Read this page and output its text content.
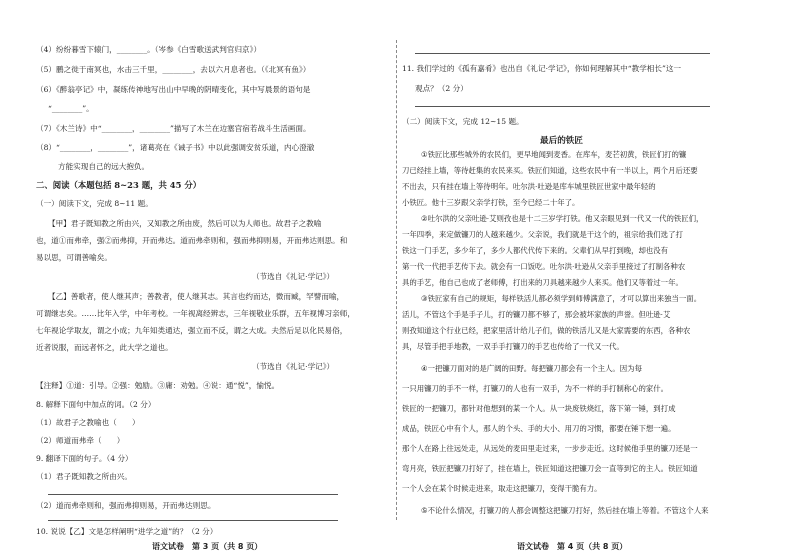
（4）纷纷暮雪下辕门，________。（岑参《白雪歌送武判官归京》）
（5）鹏之徙于南冥也，水击三千里，________，去以六月息者也。（《北冥有鱼》）
（6）《醉翁亭记》中，凝练传神地写出山中早晚的阴晴变化，其中写晨景的语句是
“________”。
（7）《木兰诗》中“________，________”描写了木兰在边塞宫宿若战斗生活画面。
（8）“________，________”，诸葛亮在《诫子书》中以此强调安贫乐道，内心澄澈
方能实现自己的远大抱负。
二、阅读（本题包括 8~23 题，共 45 分）
（一）阅读下文，完成 8~11 题。
【甲】君子既知教之所由兴，又知教之所由废，然后可以为人师也。故君子之教喻
也，道①而弗牵，强②而弗抑，开而弗达。道而弗牵则和，强而弗抑则易，开而弗达则思。和
易以思，可谓善喻矣。
（节选自《礼记·学记》）
【乙】善歌者，使人继其声；善教者，使人继其志。其言也约而达，微而臧，罕譬而喻，
可谓继志矣。……比年入学，中年考校。一年视离经辨志，三年视敬业乐群，五年视博习亲师，
七年视论学取友，谓之小成；九年知类通达，强立而不反，谓之大成。夫然后足以化民易俗，
近者说服，而远者怀之，此大学之道也。
（节选自《礼记·学记》）
【注释】①道：引导。②强：勉励。③庸：劝勉。④说：通“悦”，愉悦。
8. 解释下面句中加点的词。（2 分）
（1）故君子之教喻也（　　）
（2）师道而弗牵（　　）
9. 翻译下面的句子。（4 分）
（1）君子既知教之所由兴。
（2）道而弗牵则和，强而弗抑则易，开而弗达则思。
10. 说说【乙】文是怎样阐明“进学之道”的？（2 分）
语文试卷　第 3 页（共 8 页）
11. 我们学过的《孤有嘉肴》也出自《礼记·学记》，你如何理解其中“教学相长”这一
观点？（2 分）
（二）阅读下文，完成 12~15 题。
最后的铁匠
①铁匠比那些城外的农民们，更早地闻到麦香。在库车，麦芒初黄，铁匠们打的镰
刀已经挂上墙，等待赶集的农民来买。铁匠们知道，这些农民中有一半以上，两个月后还要
不出去，只有挂在墙上等待明年。吐尔洪·吐逊是库车城里铁匠世家中最年轻的
小铁匠。他十三岁跟父亲学打铁，至今已经二十年了。
②吐尔洪的父亲吐逊·艾则孜也是十二三岁学打铁。他又亲眼见到一代又一代的铁匠们，
一年四季，来定做镰刀的人越来越少。父亲说，我们就是干这个的，祖宗给我们选了打
铁这一门手艺，多少年了，多少人都代代传下来的。父辈们从早打到晚，却也没有
第一代一代把手艺传下去。就会有一口饭吃。吐尔洪·吐逊从父亲手里接过了打制各种农
具的手艺，他自己也成了老师傅，打出来的刀具越来越少人来买。他们又等着过一年。
③铁匠家有自己的规矩，每样铁活儿都必须学到师傅满意了，才可以算出来独当一面。
活儿，不管这个手是手子儿，打的镰刀都不够了，那会被坏家族的声誉。但吐逊·艾
则孜知道这个行业已经，把家里活计给儿子们，做的铁活儿又是大家需要的东西，各种农
具，尽管手把手地教，一双手手打镰刀的手艺也传给了一代又一代。
④一把镰刀面对的是广阔的田野。每把镰刀都会有一个主人。因为每
一只用镰刀的手不一样，打镰刀的人也有一双手，为不一样的手打制称心的家什。
铁匠的一把镰刀，都针对他想到的某一个人。从一块废铁烧红，落下第一锤，到打成
成品，铁匠心中有个人，那人的个头、手的大小、用刀的习惯，都要在锤下想一遍。
那个人在路上往远处走，从远处的麦田里走过来，一步步走近。这时候他手里的镰刀还是一
弯月亮，铁匠把镰刀打好了，挂在墙上，铁匠知道这把镰刀会一直等到它的主人。铁匠知道
一个人会在某个时候走进来，取走这把镰刀，变得干脆有力。
⑤不论什么情况，打镰刀的人都会调整这把镰刀打好，然后挂在墙上等着。不管这个人来
语文试卷　第 4 页（共 8 页）
